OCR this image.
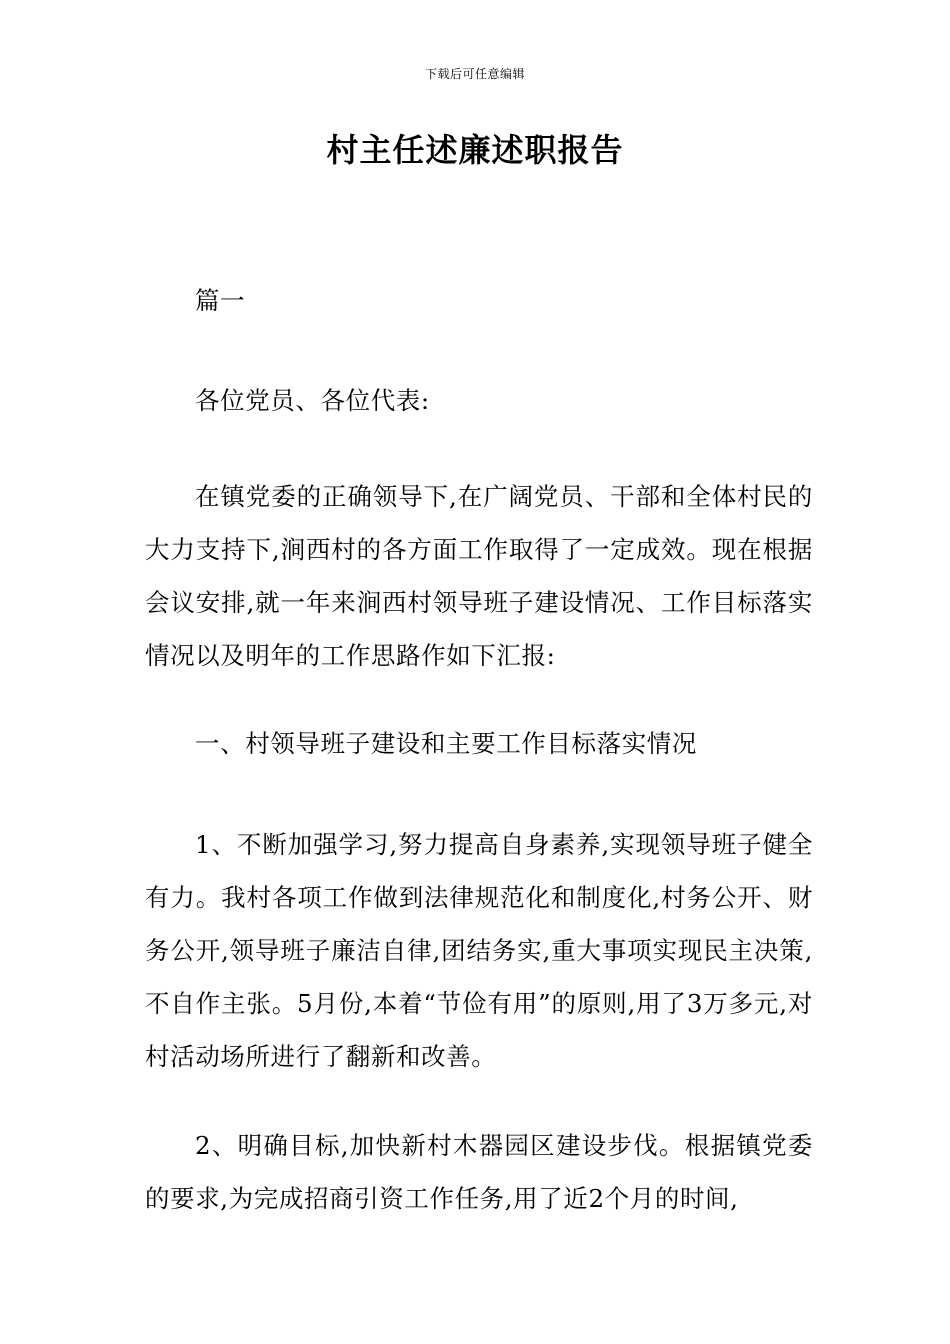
下载后可任意编辑
村主任述廉述职报告

篇一

各位党员、各位代表:

在镇党委的正确领导下,在广阔党员、干部和全体村民的大力支持下,涧西村的各方面工作取得了一定成效。现在根据会议安排,就一年来涧西村领导班子建设情况、工作目标落实情况以及明年的工作思路作如下汇报:

一、村领导班子建设和主要工作目标落实情况

1、不断加强学习,努力提高自身素养,实现领导班子健全有力。我村各项工作做到法律规范化和制度化,村务公开、财务公开,领导班子廉洁自律,团结务实,重大事项实现民主决策,不自作主张。5月份,本着“节俭有用”的原则,用了3万多元,对村活动场所进行了翻新和改善。

2、明确目标,加快新村木器园区建设步伐。根据镇党委的要求,为完成招商引资工作任务,用了近2个月的时间,
